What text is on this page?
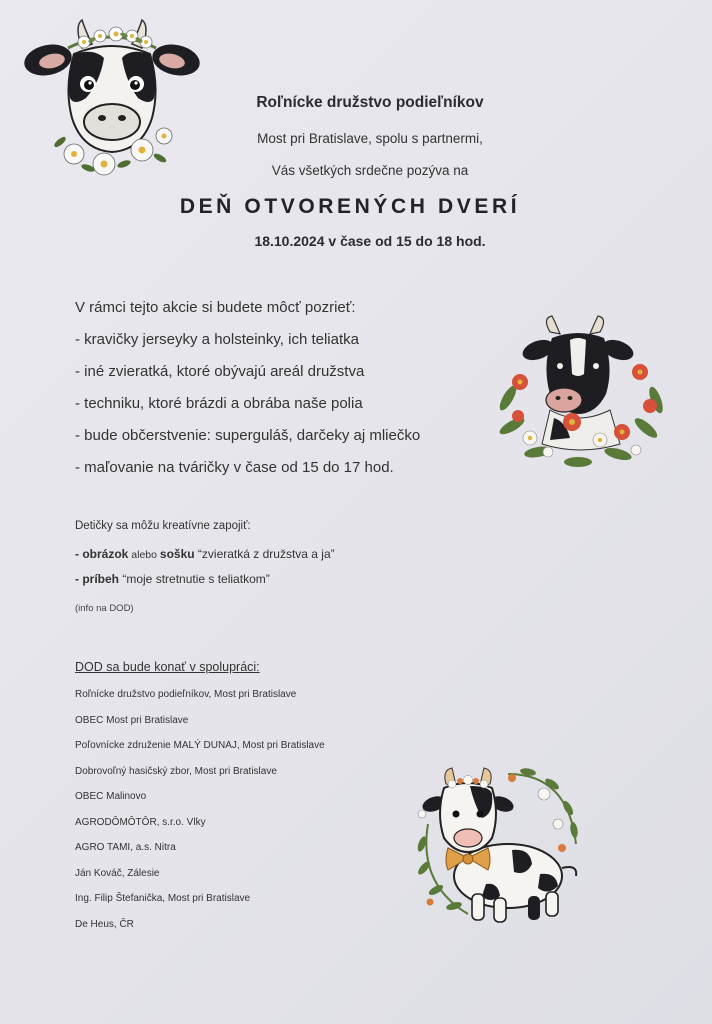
Roľnícke družstvo podieľníkov

Most pri Bratislave, spolu s partnermi,

Vás všetkých srdečne pozýva na

DEŇ OTVORENÝCH DVERÍ

18.10.2024 v čase od 15 do 18 hod.

V rámci tejto akcie si budete môcť pozrieť:

- kravičky jerseyky a holsteinky, ich teliatka
- iné zvieratká, ktoré obývajú areál družstva
- techniku, ktoré brázdi a obrába naše polia
- bude občerstvenie: superguláš, darčeky aj mliečko
- maľovanie na tváričky v čase od 15 do 17 hod.

Detičky sa môžu kreatívne zapojiť:

- obrázok alebo sošku “zvieratká z družstva a ja”
- príbeh “moje stretnutie s teliatkom”

(info na DOD)

DOD sa bude konať v spolupráci:

Roľnícke družstvo podieľníkov, Most pri Bratislave
OBEC Most pri Bratislave
Poľovnícke združenie MALÝ DUNAJ, Most pri Bratislave
Dobrovoľný hasičský zbor, Most pri Bratislave
OBEC Malinovo
AGRODÔMÔTÔR, s.r.o. Vlky
AGRO TAMI, a.s. Nitra
Ján Kováč, Zálesie
Ing. Filip Štefanička, Most pri Bratislave
De Heus, ČR
